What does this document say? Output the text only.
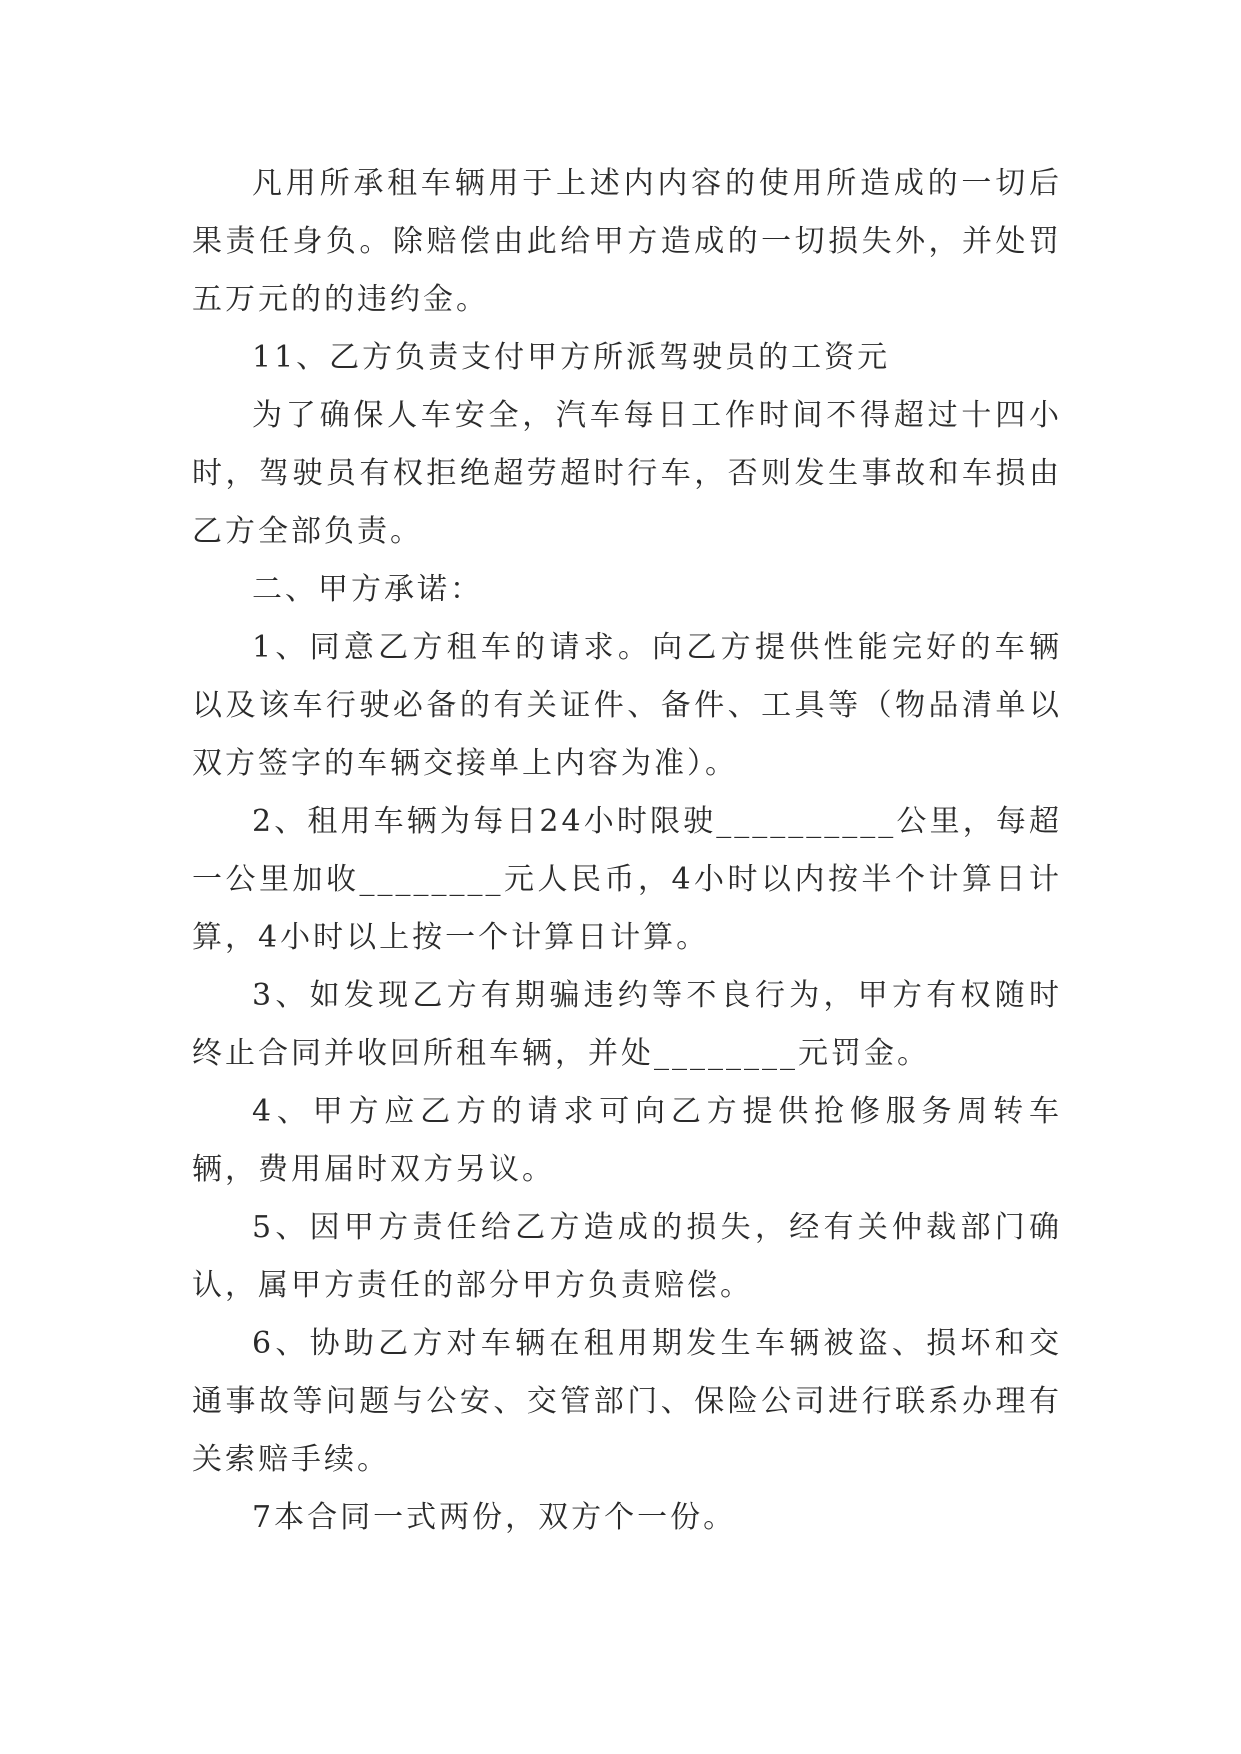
凡用所承租车辆用于上述内内容的使用所造成的一切后果责任身负。除赔偿由此给甲方造成的一切损失外，并处罚五万元的的违约金。

11、乙方负责支付甲方所派驾驶员的工资元

为了确保人车安全，汽车每日工作时间不得超过十四小时，驾驶员有权拒绝超劳超时行车，否则发生事故和车损由乙方全部负责。

二、甲方承诺：

1、同意乙方租车的请求。向乙方提供性能完好的车辆以及该车行驶必备的有关证件、备件、工具等（物品清单以双方签字的车辆交接单上内容为准）。

2、租用车辆为每日24小时限驶__________公里，每超一公里加收________元人民币，4小时以内按半个计算日计算，4小时以上按一个计算日计算。

3、如发现乙方有期骗违约等不良行为，甲方有权随时终止合同并收回所租车辆，并处________元罚金。

4、甲方应乙方的请求可向乙方提供抢修服务周转车辆，费用届时双方另议。

5、因甲方责任给乙方造成的损失，经有关仲裁部门确认，属甲方责任的部分甲方负责赔偿。

6、协助乙方对车辆在租用期发生车辆被盗、损坏和交通事故等问题与公安、交管部门、保险公司进行联系办理有关索赔手续。

7本合同一式两份，双方个一份。
